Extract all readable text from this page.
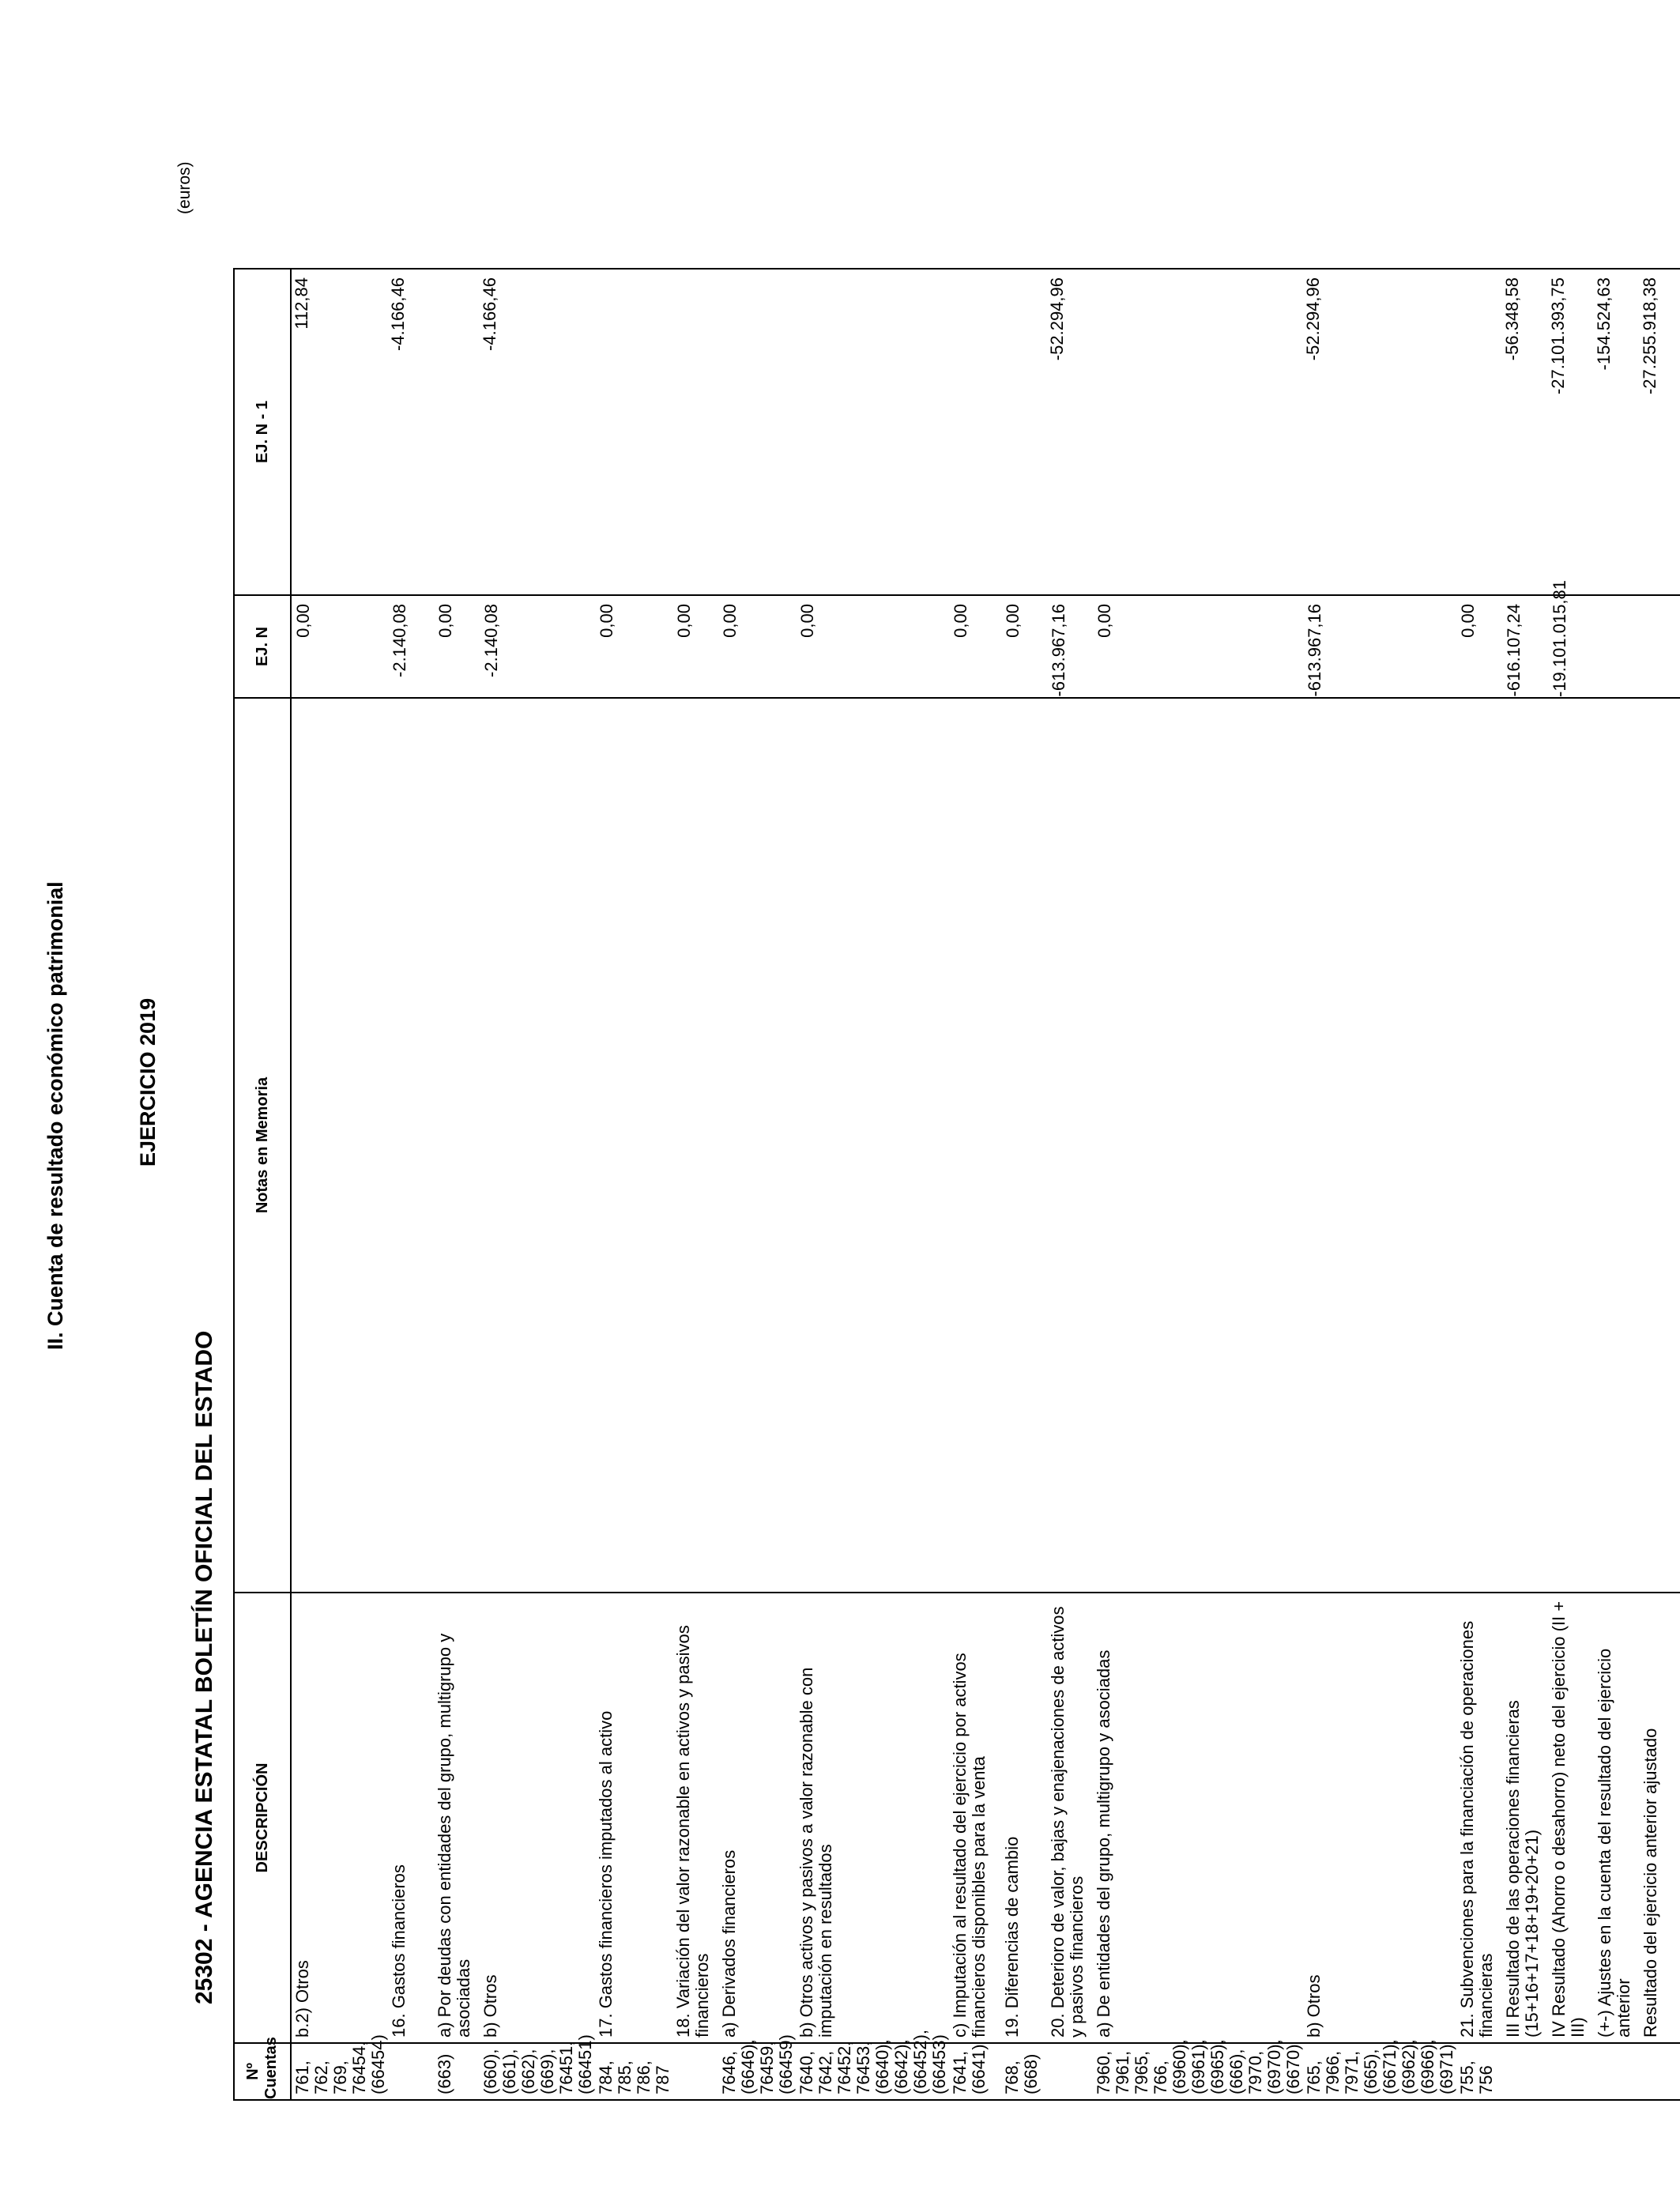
II. Cuenta de resultado económico patrimonial	EJERCICIO 2019
25302 - AGENCIA ESTATAL BOLETÍN OFICIAL DEL ESTADO
(euros)
Nº Cuentas	DESCRIPCIÓN	Notas en Memoria	EJ. N	EJ. N - 1
761, 762, 769, 76454, (66454)	b.2) Otros		0,00	112,84
	16. Gastos financieros		-2.140,08	-4.166,46
(663)	a) Por deudas con entidades del grupo, multigrupo y asociadas		0,00	
(660), (661), (662), (669), 76451, (66451)	b) Otros		-2.140,08	-4.166,46
784, 785, 786, 787	17. Gastos financieros imputados al activo		0,00	
	18. Variación del valor razonable en activos y pasivos financieros		0,00	
7646, (6646), 76459, (66459)	a) Derivados financieros		0,00	
7640, 7642, 76452, 76453, (6640), (6642), (66452), (66453)	b) Otros activos y pasivos a valor razonable con imputación en resultados		0,00	
7641, (6641)	c) Imputación al resultado del ejercicio por activos financieros disponibles para la venta		0,00	
768, (668)	19. Diferencias de cambio		0,00	
	20. Deterioro de valor, bajas y enajenaciones de activos y pasivos financieros		-613.967,16	-52.294,96
7960, 7961, 7965, 766, (6960), (6961), (6965), (666), 7970, (6970), (6670)	a) De entidades del grupo, multigrupo y asociadas		0,00	
765, 7966, 7971, (665), (6671), (6962), (6966), (6971)	b) Otros		-613.967,16	-52.294,96
755, 756	21. Subvenciones para la financiación de operaciones financieras		0,00	
	III Resultado de las operaciones financieras (15+16+17+18+19+20+21)		-616.107,24	-56.348,58
	IV Resultado (Ahorro o desahorro) neto del ejercicio (II + III)		-19.101.015,81	-27.101.393,75
	(+-) Ajustes en la cuenta del resultado del ejercicio anterior			-154.524,63
	Resultado del ejercicio anterior ajustado			-27.255.918,38
